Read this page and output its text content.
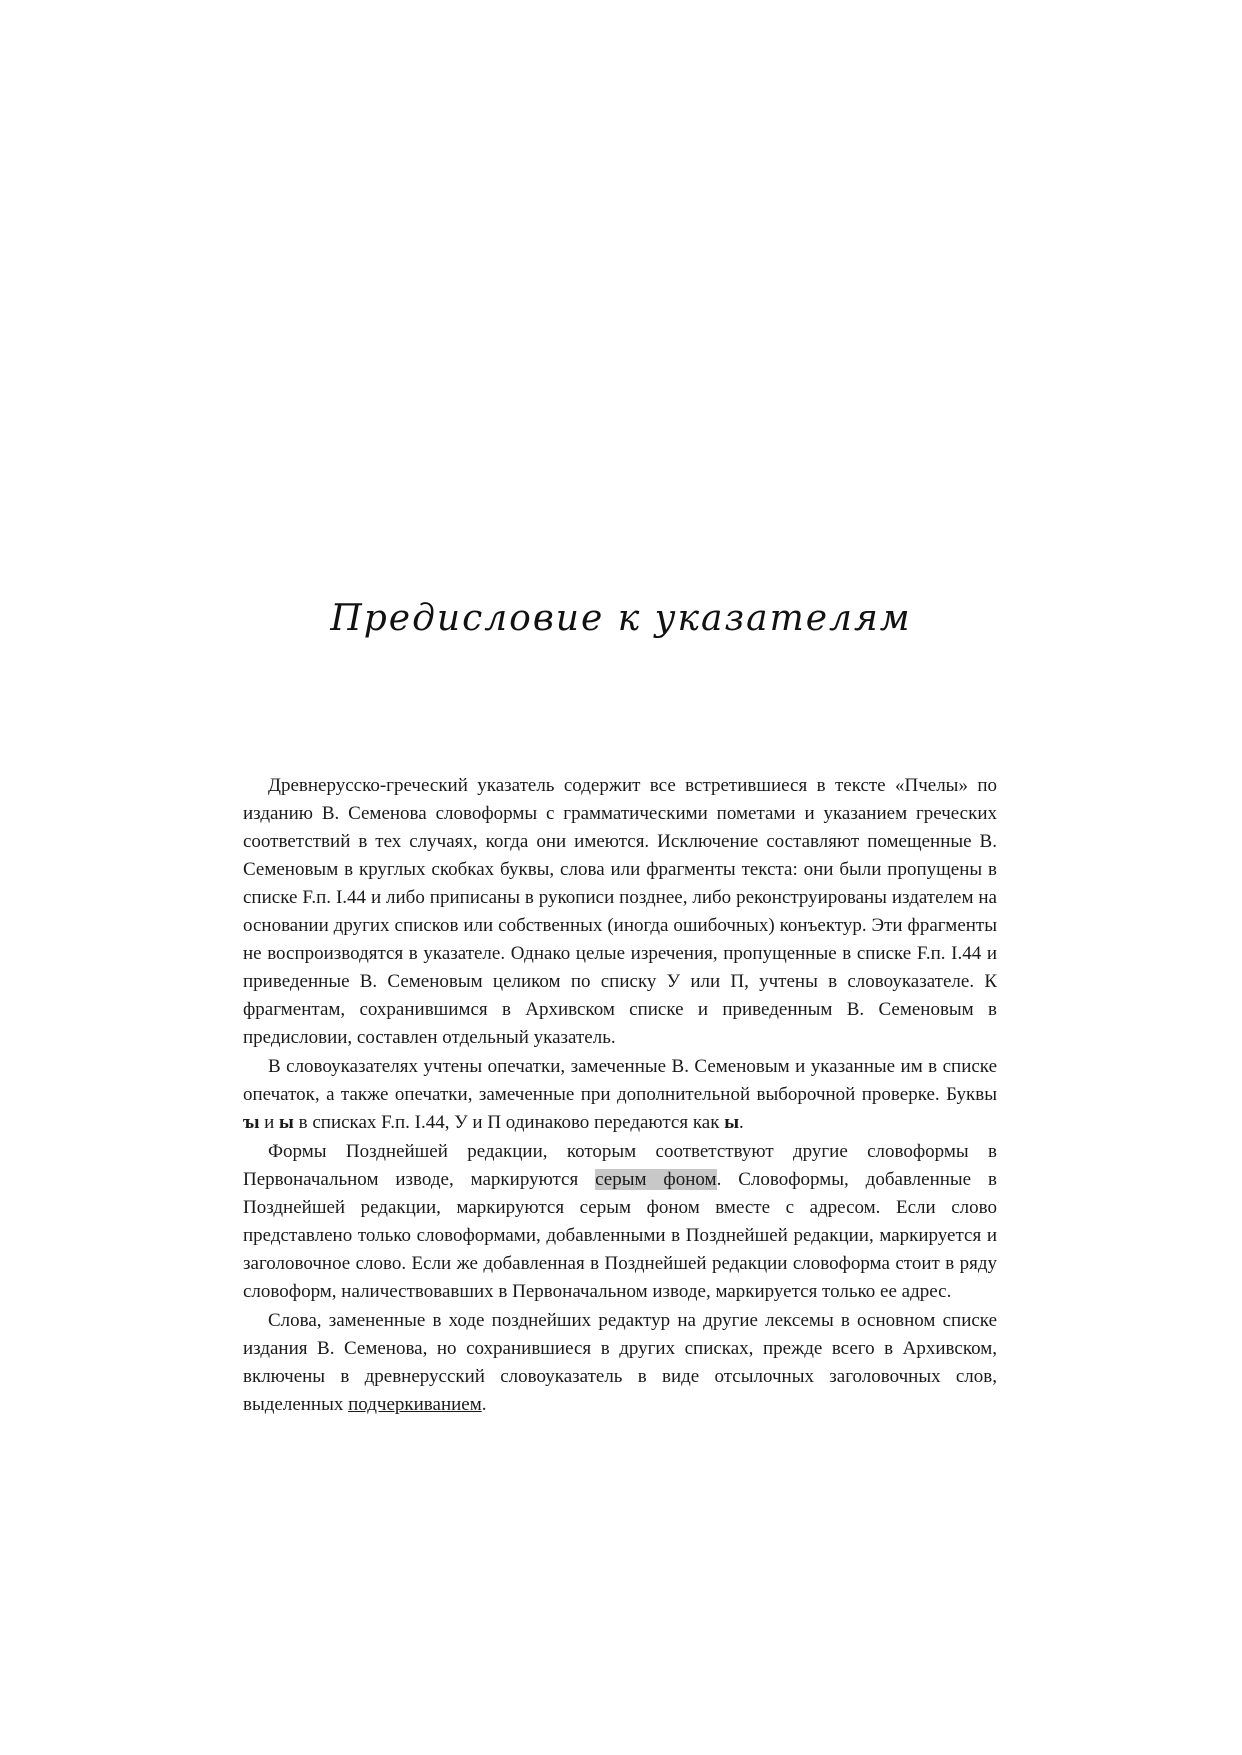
Предисловие к указателям

Древнерусско-греческий указатель содержит все встретившиеся в тексте «Пчелы» по изданию В. Семенова словоформы с грамматическими пометами и указанием греческих соответствий в тех случаях, когда они имеются. Исключение составляют помещенные В. Семеновым в круглых скобках буквы, слова или фрагменты текста: они были пропущены в списке F.п. I.44 и либо приписаны в рукописи позднее, либо реконструированы издателем на основании других списков или собственных (иногда ошибочных) конъектур. Эти фрагменты не воспроизводятся в указателе. Однако целые изречения, пропущенные в списке F.п. I.44 и приведенные В. Семеновым целиком по списку У или П, учтены в словоуказателе. К фрагментам, сохранившимся в Архивском списке и приведенным В. Семеновым в предисловии, составлен отдельный указатель.

В словоуказателях учтены опечатки, замеченные В. Семеновым и указанные им в списке опечаток, а также опечатки, замеченные при дополнительной выборочной проверке. Буквы ъı и ы в списках F.п. I.44, У и П одинаково передаются как ы.

Формы Позднейшей редакции, которым соответствуют другие словоформы в Первоначальном изводе, маркируются серым фоном. Словоформы, добавленные в Позднейшей редакции, маркируются серым фоном вместе с адресом. Если слово представлено только словоформами, добавленными в Позднейшей редакции, маркируется и заголовочное слово. Если же добавленная в Позднейшей редакции словоформа стоит в ряду словоформ, наличествовавших в Первоначальном изводе, маркируется только ее адрес.

Слова, замененные в ходе позднейших редактур на другие лексемы в основном списке издания В. Семенова, но сохранившиеся в других списках, прежде всего в Архивском, включены в древнерусский словоуказатель в виде отсылочных заголовочных слов, выделенных подчеркиванием.
